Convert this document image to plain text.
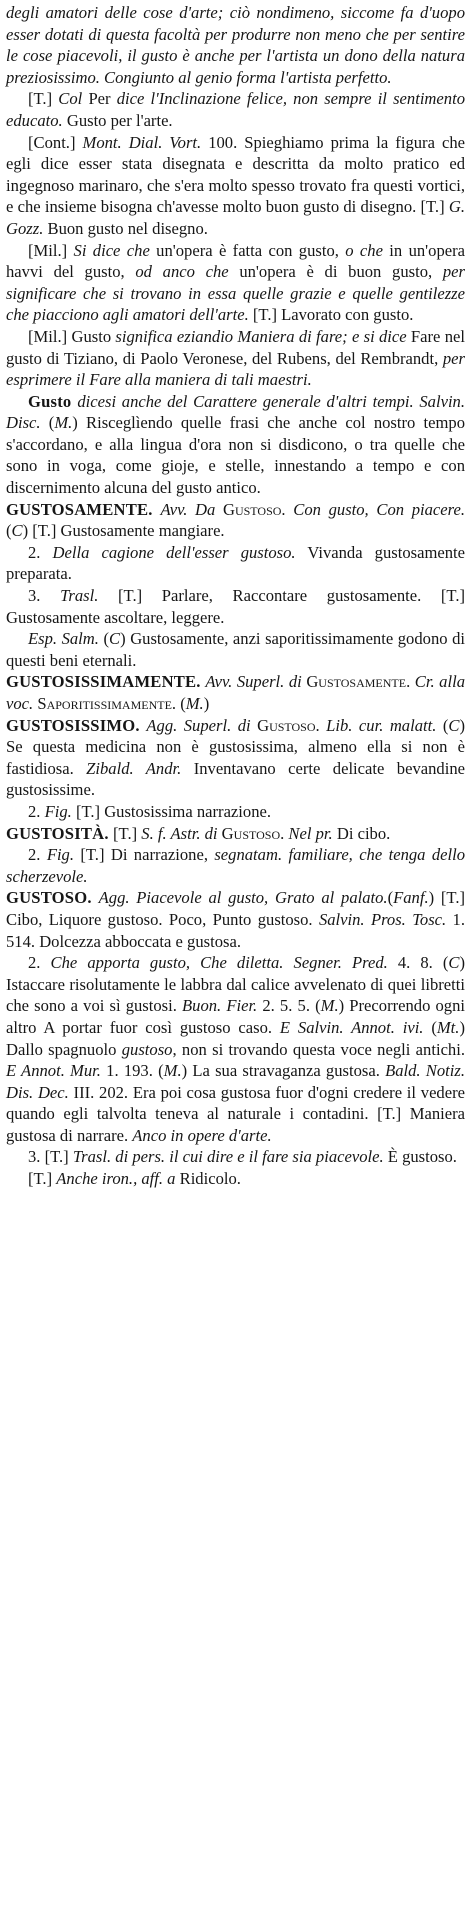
degli amatori delle cose d'arte; ciò nondimeno, siccome fa d'uopo esser dotati di questa facoltà per produrre non meno che per sentire le cose piacevoli, il gusto è anche per l'artista un dono della natura preziosissimo. Congiunto al genio forma l'artista perfetto.

[T.] Col Per dice l'Inclinazione felice, non sempre il sentimento educato. Gusto per l'arte.

[Cont.] Mont. Dial. Vort. 100. Spieghiamo prima la figura che egli dice esser stata disegnata e descritta da molto pratico ed ingegnoso marinaro, che s'era molto spesso trovato fra questi vortici, e che insieme bisogna ch'avesse molto buon gusto di disegno. [T.] G. Gozz. Buon gusto nel disegno.

[Mil.] Si dice che un'opera è fatta con gusto, o che in un'opera havvi del gusto, od anco che un'opera è di buon gusto, per significare che si trovano in essa quelle grazie e quelle gentilezze che piacciono agli amatori dell'arte. [T.] Lavorato con gusto.

[Mil.] Gusto significa eziandio Maniera di fare; e si dice Fare nel gusto di Tiziano, di Paolo Veronese, del Rubens, del Rembrandt, per esprimere il Fare alla maniera di tali maestri.

Gusto dicesi anche del Carattere generale d'altri tempi. Salvin. Disc. (M.) Risceglìendo quelle frasi che anche col nostro tempo s'accordano, e alla lingua d'ora non si disdicono, o tra quelle che sono in voga, come gioje, e stelle, innestando a tempo e con discernimento alcuna del gusto antico.

GUSTOSAMENTE. Avv. Da Gustoso. Con gusto, Con piacere. (C) [T.] Gustosamente mangiare.

2. Della cagione dell'esser gustoso. Vivanda gustosamente preparata.

3. Trasl. [T.] Parlare, Raccontare gustosamente. [T.] Gustosamente ascoltare, leggere.

Esp. Salm. (C) Gustosamente, anzi saporitissimamente godono di questi beni eternali.

GUSTOSISSIMAMENTE. Avv. Superl. di Gustosamente. Cr. alla voc. Saporitissimamente. (M.)

GUSTOSISSIMO. Agg. Superl. di Gustoso. Lib. cur. malatt. (C) Se questa medicina non è gustosissima, almeno ella si non è fastidiosa. Zibald. Andr. Inventavano certe delicate bevandine gustosissime.

2. Fig. [T.] Gustosissima narrazione.

GUSTOSITÀ. [T.] S. f. Astr. di Gustoso. Nel pr. Di cibo.

2. Fig. [T.] Di narrazione, segnatam. familiare, che tenga dello scherzevole.

GUSTOSO. Agg. Piacevole al gusto, Grato al palato.(Fanf.) [T.] Cibo, Liquore gustoso. Poco, Punto gustoso. Salvin. Pros. Tosc. 1. 514. Dolcezza abboccata e gustosa.

2. Che apporta gusto, Che diletta. Segner. Pred. 4. 8. (C) Istaccare risolutamente le labbra dal calice avvelenato di quei libretti che sono a voi sì gustosi. Buon. Fier. 2. 5. 5. (M.) Precorrendo ogni altro A portar fuor così gustoso caso. E Salvin. Annot. ivi. (Mt.) Dallo spagnuolo gustoso, non si trovando questa voce negli antichi. E Annot. Mur. 1. 193. (M.) La sua stravaganza gustosa. Bald. Notiz. Dis. Dec. III. 202. Era poi cosa gustosa fuor d'ogni credere il vedere quando egli talvolta teneva al naturale i contadini. [T.] Maniera gustosa di narrare. Anco in opere d'arte.

3. [T.] Trasl. di pers. il cui dire e il fare sia piacevole. È gustoso.

[T.] Anche iron., aff. a Ridicolo.
